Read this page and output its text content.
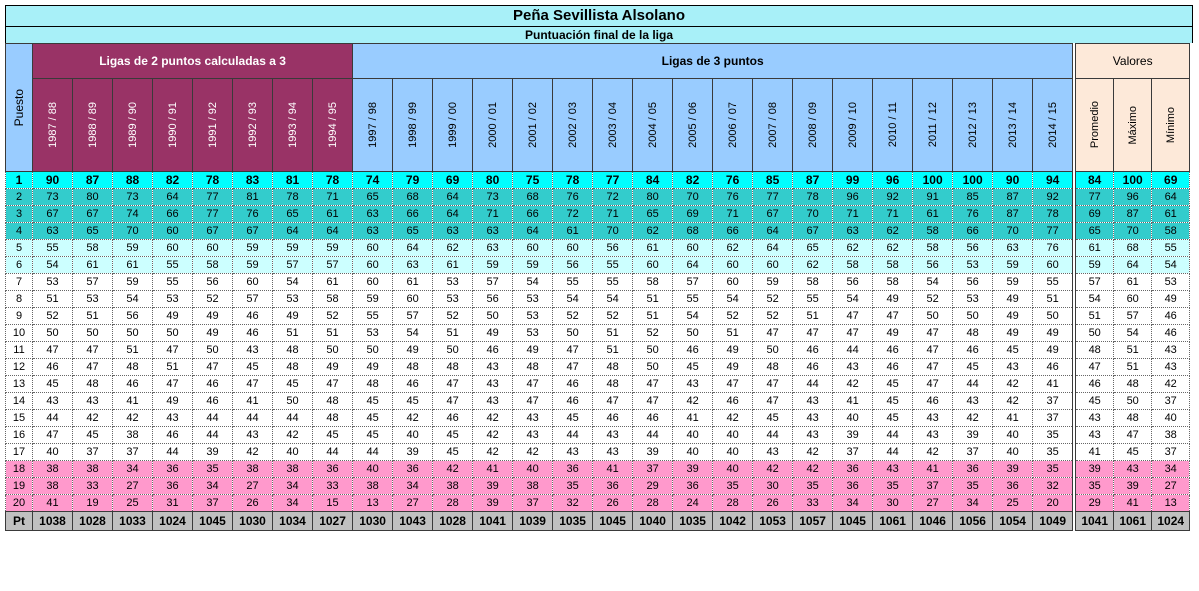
Peña Sevillista Alsolano
Puntuación final de la liga
Puesto	Ligas de 2 puntos calculadas a 3								Ligas de 3 puntos																			Valores		

	1987 / 88	1988 / 89	1989 / 90	1990 / 91	1991 / 92	1992 / 93	1993 / 94	1994 / 95	1997 / 98	1998 / 99	1999 / 00	2000 / 01	2001 / 02	2002 / 03	2003 / 04	2004 / 05	2005 / 06	2006 / 07	2007 / 08	2008 / 09	2009 / 10	2010 / 11	2011 / 12	2012 / 13	2013 / 14	2014 / 15		Promedio	Máximo	Mínimo

1	90	87	88	82	78	83	81	78	74	79	69	80	75	78	77	84	82	76	85	87	99	96	100	100	90	94		84	100	69
2	73	80	73	64	77	81	78	71	65	68	64	73	68	76	72	80	70	76	77	78	96	92	91	85	87	92		77	96	64
3	67	67	74	66	77	76	65	61	63	66	64	71	66	72	71	65	69	71	67	70	71	71	61	76	87	78		69	87	61
4	63	65	70	60	67	67	64	64	63	65	63	63	64	61	70	62	68	66	64	67	63	62	58	66	70	77		65	70	58
5	55	58	59	60	60	59	59	59	60	64	62	63	60	60	56	61	60	62	64	65	62	62	58	56	63	76		61	68	55
6	54	61	61	55	58	59	57	57	60	63	61	59	59	56	55	60	64	60	60	62	58	58	56	53	59	60		59	64	54
7	53	57	59	55	56	60	54	61	60	61	53	57	54	55	55	58	57	60	59	58	56	58	54	56	59	55		57	61	53
8	51	53	54	53	52	57	53	58	59	60	53	56	53	54	54	51	55	54	52	55	54	49	52	53	49	51		54	60	49
9	52	51	56	49	49	46	49	52	55	57	52	50	53	52	52	51	54	52	52	51	47	47	50	50	49	50		51	57	46
10	50	50	50	50	49	46	51	51	53	54	51	49	53	50	51	52	50	51	47	47	47	49	47	48	49	49		50	54	46
11	47	47	51	47	50	43	48	50	50	49	50	46	49	47	51	50	46	49	50	46	44	46	47	46	45	49		48	51	43
12	46	47	48	51	47	45	48	49	49	48	48	43	48	47	48	50	45	49	48	46	43	46	47	45	43	46		47	51	43
13	45	48	46	47	46	47	45	47	48	46	47	43	47	46	48	47	43	47	47	44	42	45	47	44	42	41		46	48	42
14	43	43	41	49	46	41	50	48	45	45	47	43	47	46	47	47	42	46	47	43	41	45	46	43	42	37		45	50	37
15	44	42	42	43	44	44	44	48	45	42	46	42	43	45	46	46	41	42	45	43	40	45	43	42	41	37		43	48	40
16	47	45	38	46	44	43	42	45	45	40	45	42	43	44	43	44	40	40	44	43	39	44	43	39	40	35		43	47	38
17	40	37	37	44	39	42	40	44	44	39	45	42	42	43	43	39	40	40	43	42	37	44	42	37	40	35		41	45	37
18	38	38	34	36	35	38	38	36	40	36	42	41	40	36	41	37	39	40	42	42	36	43	41	36	39	35		39	43	34
19	38	33	27	36	34	27	34	33	38	34	38	39	38	35	36	29	36	35	30	35	36	35	37	35	36	32		35	39	27
20	41	19	25	31	37	26	34	15	13	27	28	39	37	32	26	28	24	28	26	33	34	30	27	34	25	20		29	41	13
Pt	1038	1028	1033	1024	1045	1030	1034	1027	1030	1043	1028	1041	1039	1035	1045	1040	1035	1042	1053	1057	1045	1061	1046	1056	1054	1049		1041	1061	1024
